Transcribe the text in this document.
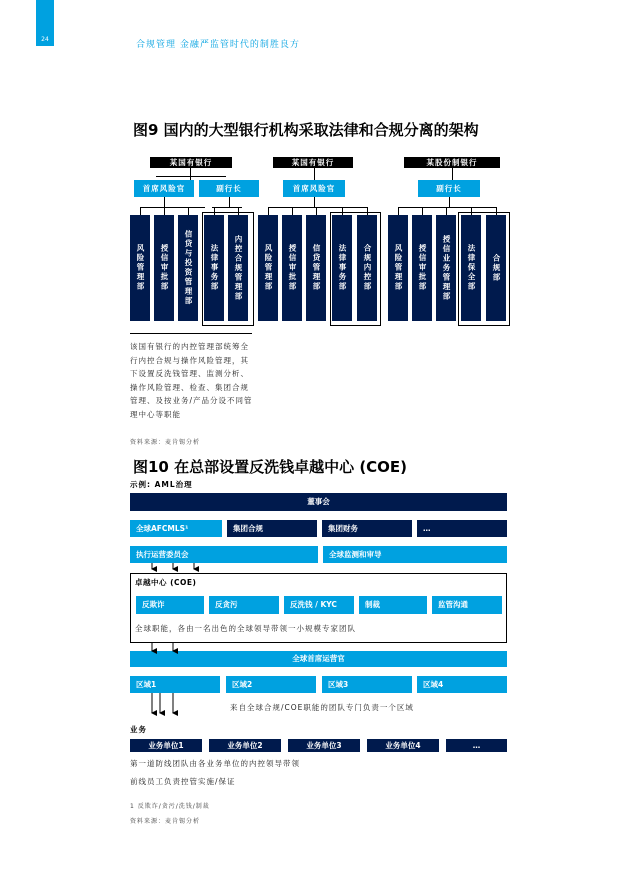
24
合规管理 金融严监管时代的制胜良方
图9 国内的大型银行机构采取法律和合规分离的架构
某国有银行
首席风险官	副行长
风险管理部	授信审批部	信贷与投资管理部	法律事务部	内控合规管理部
某国有银行
首席风险官
风险管理部	授信审批部	信贷管理部	法律事务部	合规内控部
某股份制银行
副行长
风险管理部	授信审批部	授信业务管理部	法律保全部	合规部
该国有银行的内控管理部统筹全行内控合规与操作风险管理，其下设置反洗钱管理、监测分析、操作风险管理、检查、集团合规管理、及按业务/产品分设不同管理中心等职能
资料来源：麦肯锡分析
图10 在总部设置反洗钱卓越中心 (COE)
示例: AML治理
董事会
全球AFCMLS¹	集团合规	集团财务	…
执行运营委员会	全球监测和审导
卓越中心 (COE)
反欺诈	反贪污	反洗钱 / KYC	制裁	监管沟通
全球职能，各由一名出色的全球领导带领一小规模专家团队
全球首席运营官
区域1	区域2	区域3	区域4
来自全球合规/COE职能的团队专门负责一个区域
业务
业务单位1	业务单位2	业务单位3	业务单位4	…
第一道防线团队由各业务单位的内控领导带领
前线员工负责控管实施/保证
1 反欺诈/贪污/洗钱/制裁
资料来源：麦肯锡分析
